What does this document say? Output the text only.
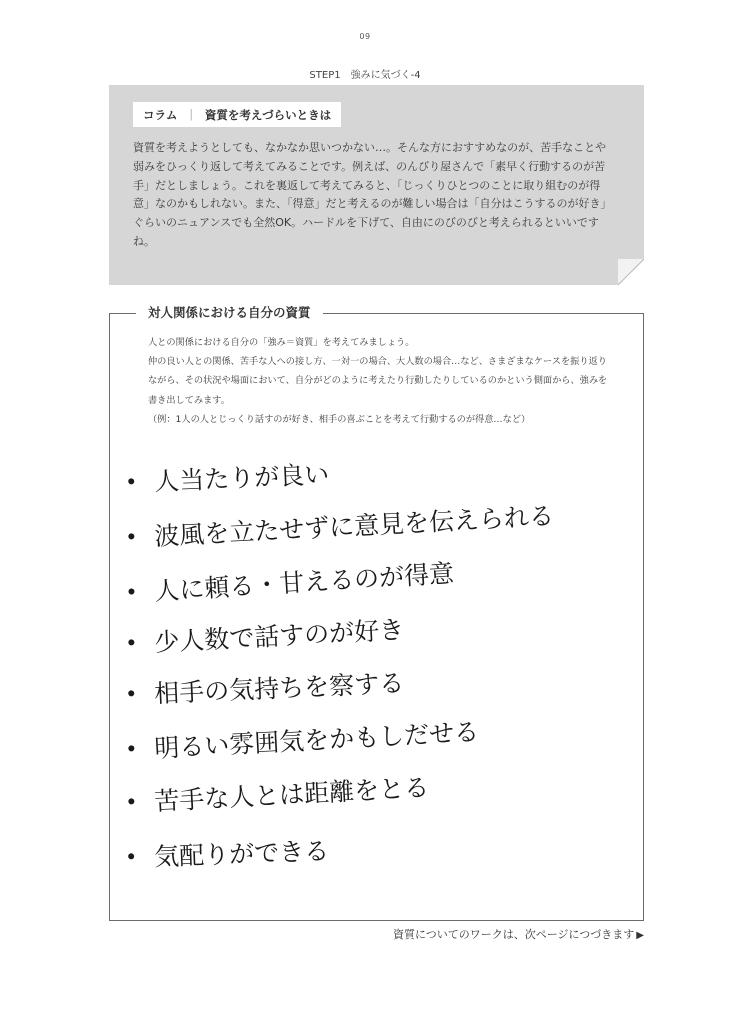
09
STEP1　強みに気づく-4
コラム ｜ 資質を考えづらいときは
資質を考えようとしても、なかなか思いつかない…。そんな方におすすめなのが、苦手なことや弱みをひっくり返して考えてみることです。例えば、のんびり屋さんで「素早く行動するのが苦手」だとしましょう。これを裏返して考えてみると、「じっくりひとつのことに取り組むのが得意」なのかもしれない。また、「得意」だと考えるのが難しい場合は「自分はこうするのが好き」ぐらいのニュアンスでも全然OK。ハードルを下げて、自由にのびのびと考えられるといいですね。
対人関係における自分の資質
人との関係における自分の「強み＝資質」を考えてみましょう。
仲の良い人との関係、苦手な人への接し方、一対一の場合、大人数の場合…など、さまざまなケースを振り返りながら、その状況や場面において、自分がどのように考えたり行動したりしているのかという側面から、強みを書き出してみます。
（例：1人の人とじっくり話すのが好き、相手の喜ぶことを考えて行動するのが得意…など）
人当たりが良い
波風を立たせずに意見を伝えられる
人に頼る・甘えるのが得意
少人数で話すのが好き
相手の気持ちを察する
明るい雰囲気をかもしだせる
苦手な人とは距離をとる
気配りができる
資質についてのワークは、次ページにつづきます ▶
